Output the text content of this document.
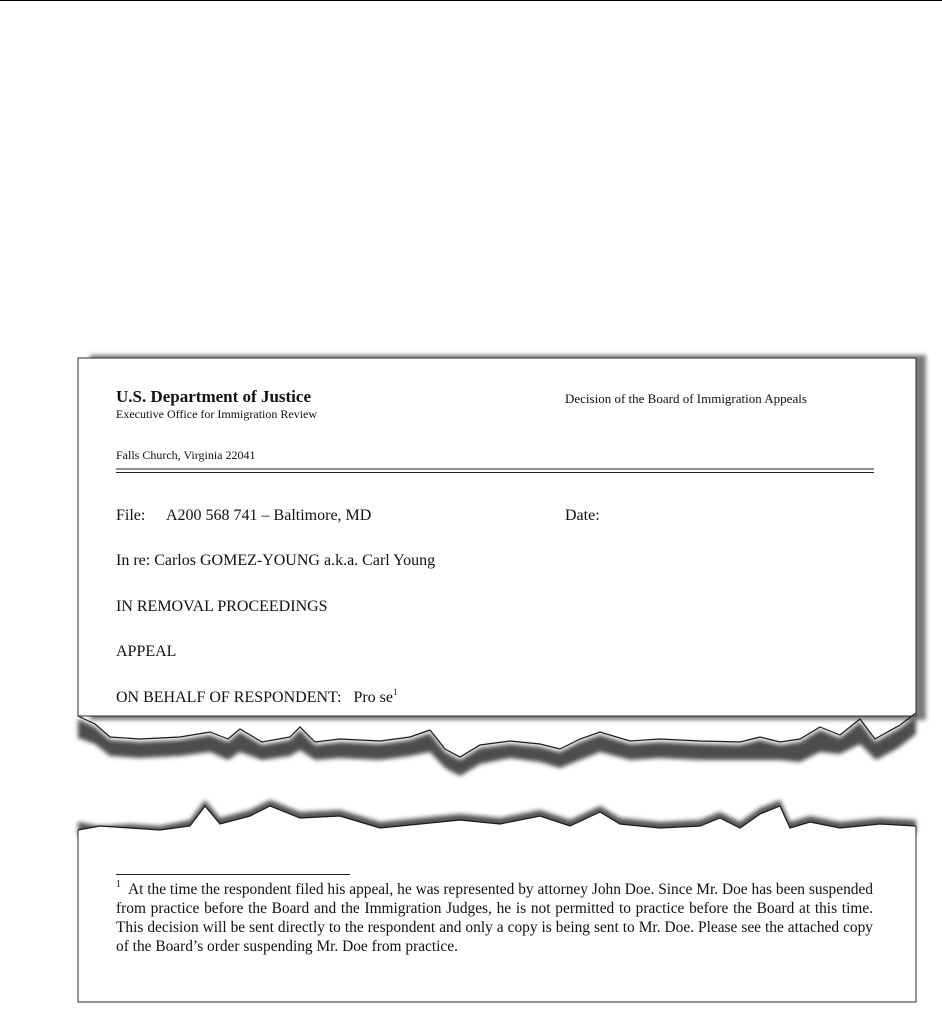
U.S. Department of Justice
Executive Office for Immigration Review
Decision of the Board of Immigration Appeals
Falls Church, Virginia 22041
File: A200 568 741 – Baltimore, MD	Date:
In re: Carlos GOMEZ-YOUNG a.k.a. Carl Young
IN REMOVAL PROCEEDINGS
APPEAL
ON BEHALF OF RESPONDENT: Pro $se^1$
$^1$ At the time the respondent filed his appeal, he was represented by attorney John Doe. Since Mr. Doe has been suspended from practice before the Board and the Immigration Judges, he is not permitted to practice before the Board at this time. This decision will be sent directly to the respondent and only a copy is being sent to Mr. Doe. Please see the attached copy of the Board’s order suspending Mr. Doe from practice.
